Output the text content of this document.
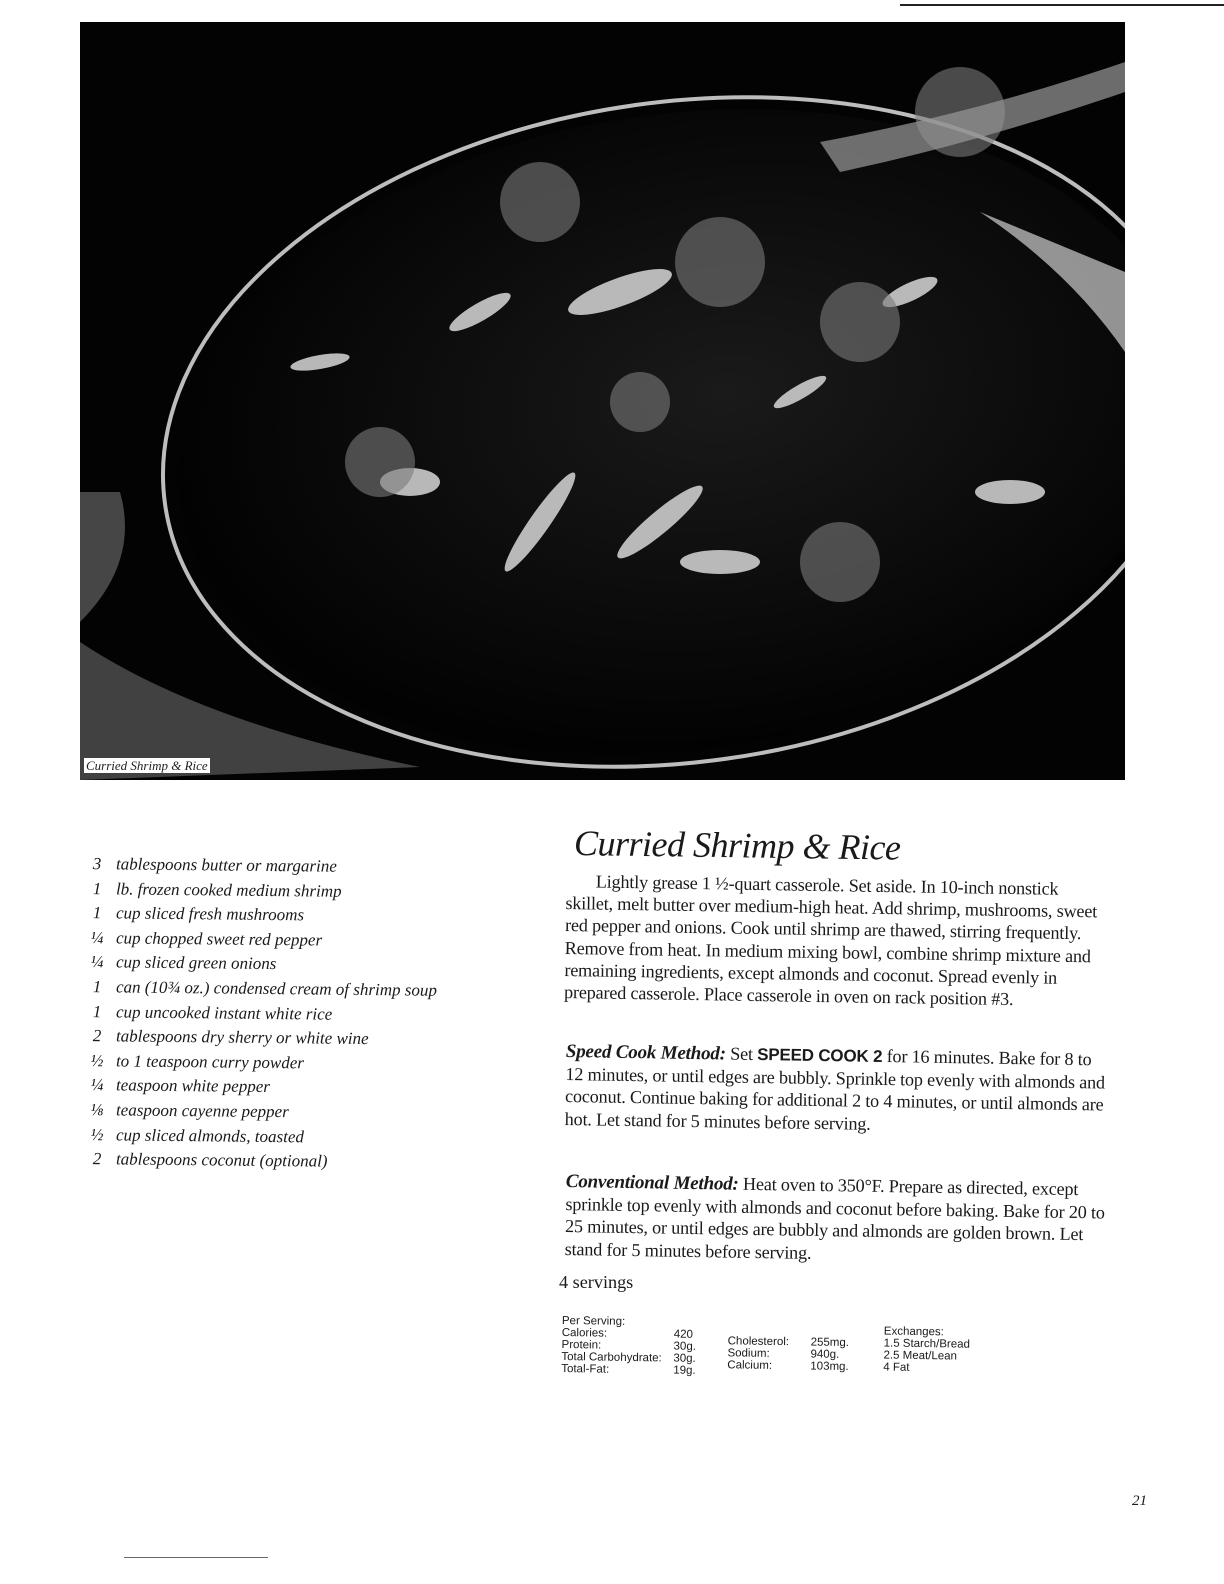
Curried Shrimp & Rice
3 tablespoons butter or margarine
1 lb. frozen cooked medium shrimp
1 cup sliced fresh mushrooms
¼ cup chopped sweet red pepper
¼ cup sliced green onions
1 can (10¾ oz.) condensed cream of shrimp soup
1 cup uncooked instant white rice
2 tablespoons dry sherry or white wine
½ to 1 teaspoon curry powder
¼ teaspoon white pepper
⅛ teaspoon cayenne pepper
½ cup sliced almonds, toasted
2 tablespoons coconut (optional)
Curried Shrimp & Rice

Lightly grease 1 ½-quart casserole. Set aside. In 10-inch nonstick skillet, melt butter over medium-high heat. Add shrimp, mushrooms, sweet red pepper and onions. Cook until shrimp are thawed, stirring frequently. Remove from heat. In medium mixing bowl, combine shrimp mixture and remaining ingredients, except almonds and coconut. Spread evenly in prepared casserole. Place casserole in oven on rack position #3.

Speed Cook Method: Set SPEED COOK 2 for 16 minutes. Bake for 8 to 12 minutes, or until edges are bubbly. Sprinkle top evenly with almonds and coconut. Continue baking for additional 2 to 4 minutes, or until almonds are hot. Let stand for 5 minutes before serving.

Conventional Method: Heat oven to 350°F. Prepare as directed, except sprinkle top evenly with almonds and coconut before baking. Bake for 20 to 25 minutes, or until edges are bubbly and almonds are golden brown. Let stand for 5 minutes before serving.

4 servings

Per Serving:
Calories:	420
Protein:	30g.
Total Carbohydrate: 30g.
Total-Fat:	19g.
Cholesterol: 255mg.
Sodium:	940g.
Calcium:	103mg.
Exchanges:
1.5 Starch/Bread
2.5 Meat/Lean
4 Fat
21
